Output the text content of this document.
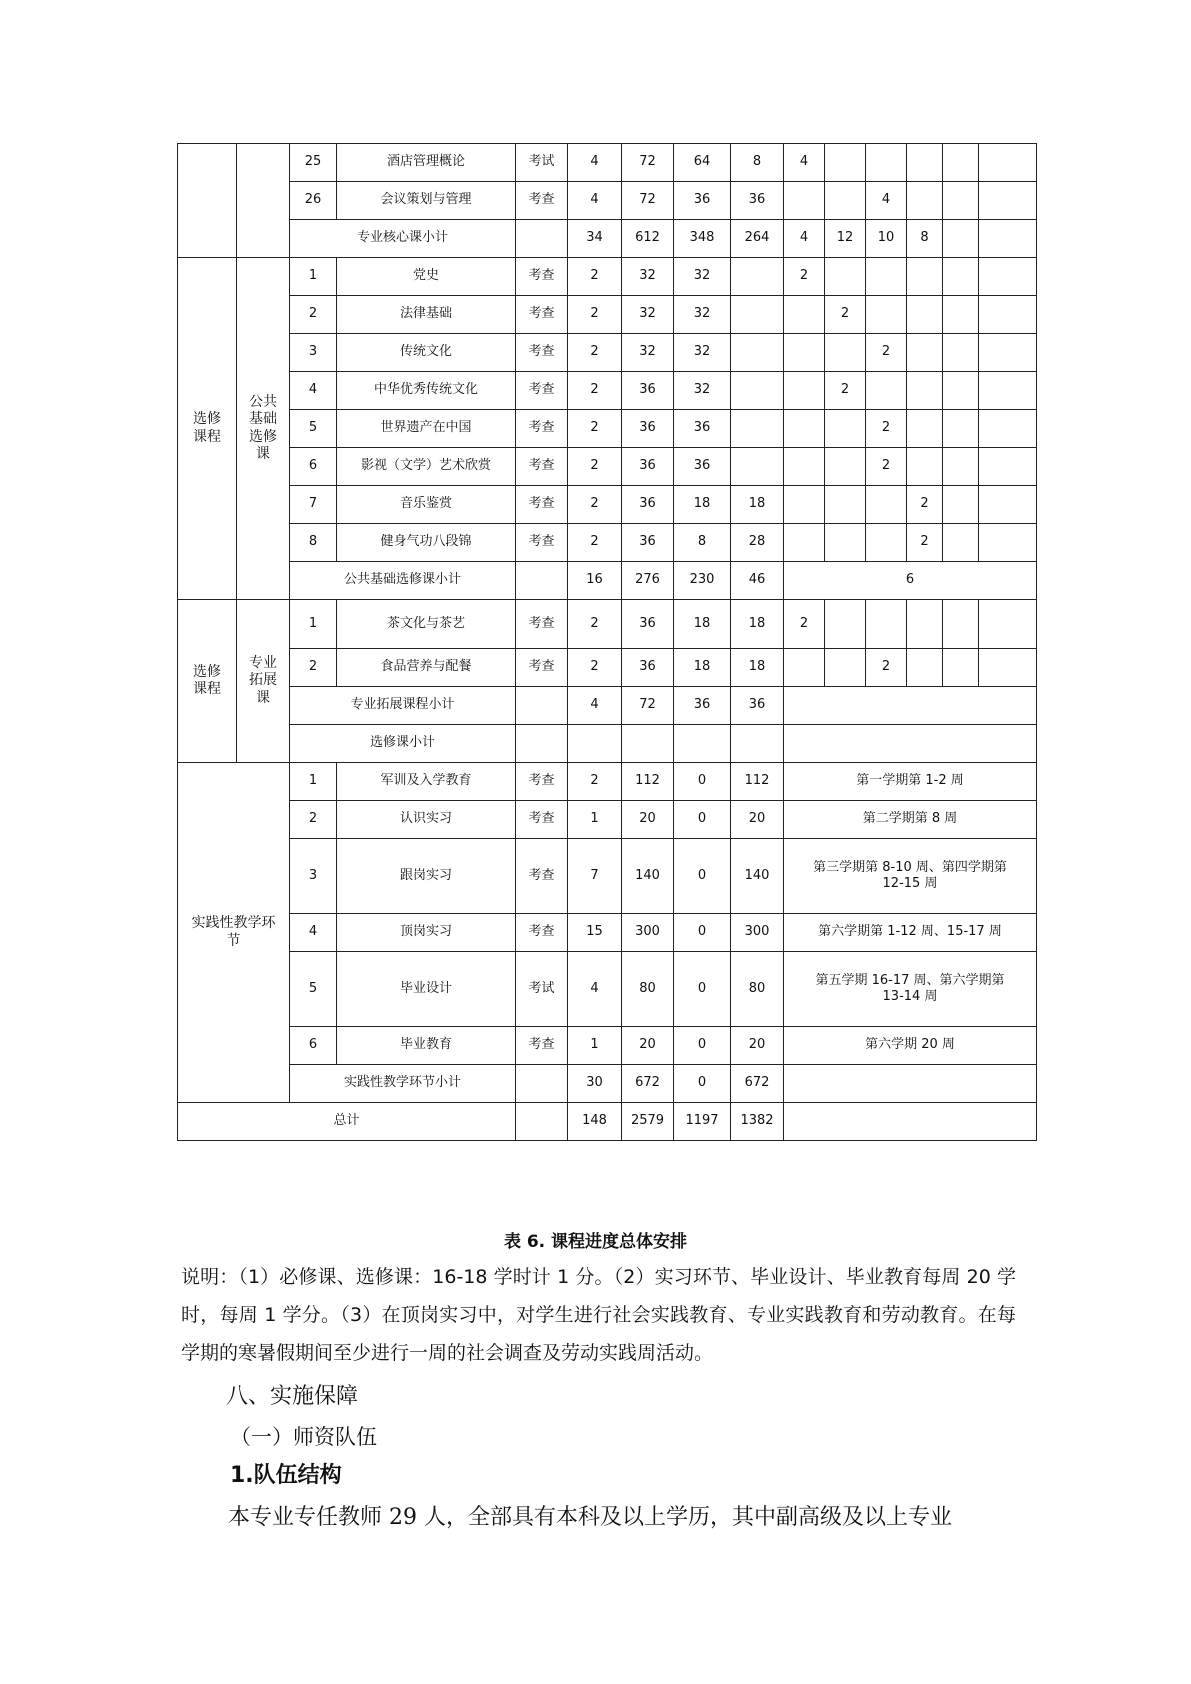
		25	酒店管理概论	考试	4	72	64	8	4					
		26	会议策划与管理	考查	4	72	36	36			4			
		专业核心课小计			34	612	348	264	4	12	10	8		
选修课程	公共基础选修课	1	党史	考查	2	32	32		2					
		2	法律基础	考查	2	32	32			2				
		3	传统文化	考查	2	32	32				2			
		4	中华优秀传统文化	考查	2	36	32			2				
		5	世界遗产在中国	考查	2	36	36				2			
		6	影视（文学）艺术欣赏	考查	2	36	36				2			
		7	音乐鉴赏	考查	2	36	18	18				2		
		8	健身气功八段锦	考查	2	36	8	28				2		
		公共基础选修课小计			16	276	230	46	6					
选修课程	专业拓展课	1	茶文化与茶艺	考查	2	36	18	18	2					
		2	食品营养与配餐	考查	2	36	18	18			2			
		专业拓展课程小计			4	72	36	36						
		选修课小计												
实践性教学环节		1	军训及入学教育	考查	2	112	0	112	第一学期第 1-2 周					
		2	认识实习	考查	1	20	0	20	第二学期第 8 周					
		3	跟岗实习	考查	7	140	0	140	第三学期第 8-10 周、第四学期第
12-15 周					

		4	顶岗实习	考查	15	300	0	300	第六学期第 1-12 周、15-17 周					
		5	毕业设计	考试	4	80	0	80	第五学期 16-17 周、第六学期第
13-14 周					

		6	毕业教育	考查	1	20	0	20	第六学期 20 周					
		实践性教学环节小计			30	672	0	672						
总计					148	2579	1197	1382						
表 6. 课程进度总体安排
说明：（1）必修课、选修课：16-18 学时计 1 分。（2）实习环节、毕业设计、毕业教育每周 20 学时，每周 1 学分。（3）在顶岗实习中，对学生进行社会实践教育、专业实践教育和劳动教育。在每学期的寒暑假期间至少进行一周的社会调查及劳动实践周活动。
八、实施保障
（一）师资队伍
1.队伍结构
本专业专任教师 29 人，全部具有本科及以上学历，其中副高级及以上专业
